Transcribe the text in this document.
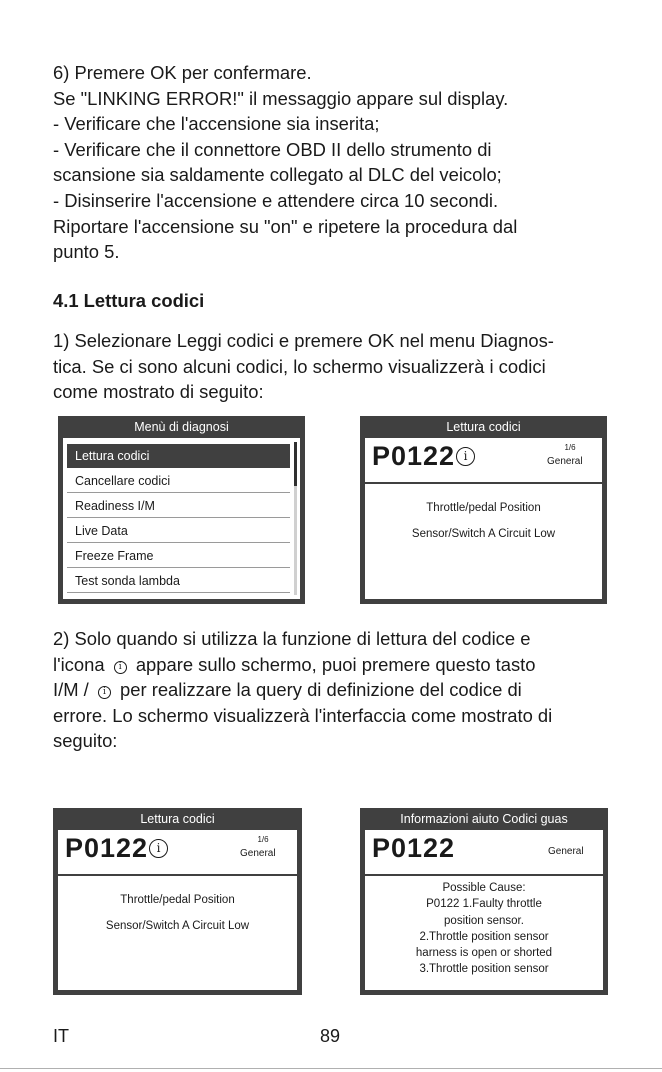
6) Premere OK per confermare.
Se "LINKING ERROR!" il messaggio appare sul display.
- Verificare che l'accensione sia inserita;
- Verificare che il connettore OBD II dello strumento di
scansione sia saldamente collegato al DLC del veicolo;
- Disinserire l'accensione e attendere circa 10 secondi.
Riportare l'accensione su "on" e ripetere la procedura dal
punto 5.
4.1 Lettura codici
1) Selezionare Leggi codici e premere OK nel menu Diagnos-
tica. Se ci sono alcuni codici, lo schermo visualizzerà i codici
come mostrato di seguito:
Menù di diagnosi
Lettura codici
Cancellare codici
Readiness I/M
Live Data
Freeze Frame
Test sonda lambda
Lettura codici
P0122 i
1/6
General
Throttle/pedal Position
Sensor/Switch A Circuit Low
2) Solo quando si utilizza la funzione di lettura del codice e
l'icona i appare sullo schermo, puoi premere questo tasto
I/M / i per realizzare la query di definizione del codice di
errore. Lo schermo visualizzerà l'interfaccia come mostrato di
seguito:
Lettura codici
P0122 i
1/6
General
Throttle/pedal Position
Sensor/Switch A Circuit Low
Informazioni aiuto Codici guas
P0122	General
Possible Cause:
P0122 1.Faulty throttle
position sensor.
2.Throttle position sensor
harness is open or shorted
3.Throttle position sensor
IT	89
